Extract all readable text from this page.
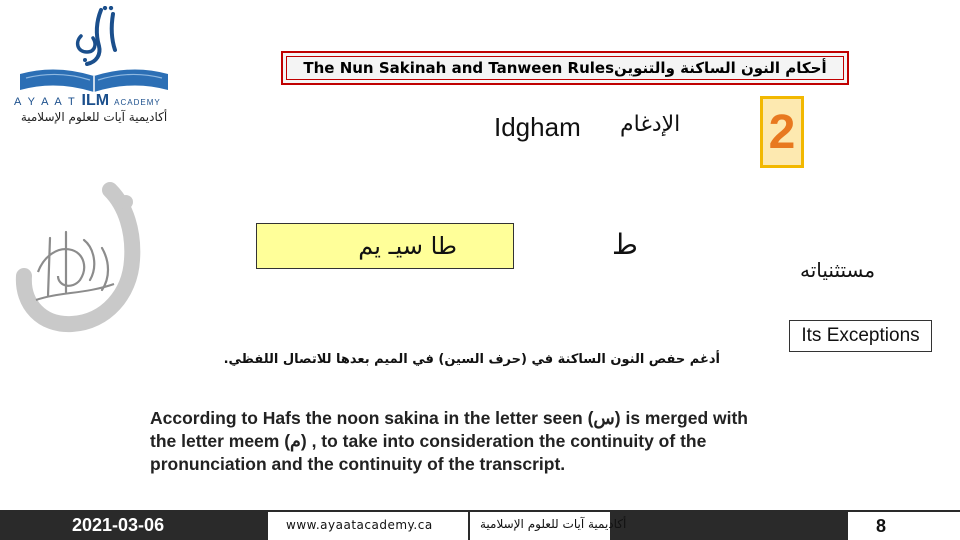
A Y A A T ILM ACADEMY
أكاديمية آيات للعلوم الإسلامية
The Nun Sakinah and Tanween Rulesأحكام النون الساكنة والتنوين
Idgham الإدغام 2
طا سيـ يم	ط
مستثنياته
Its Exceptions
أدغم حفص النون الساكنة في (حرف السين) في الميم بعدها للاتصال اللفظي.
According to Hafs the noon sakina in the letter seen (س) is merged with the letter meem (م) , to take into consideration the continuity of the pronunciation and the continuity of the transcript.
2021-03-06	www.ayaatacademy.ca	أكاديمية آيات للعلوم الإسلامية	8
